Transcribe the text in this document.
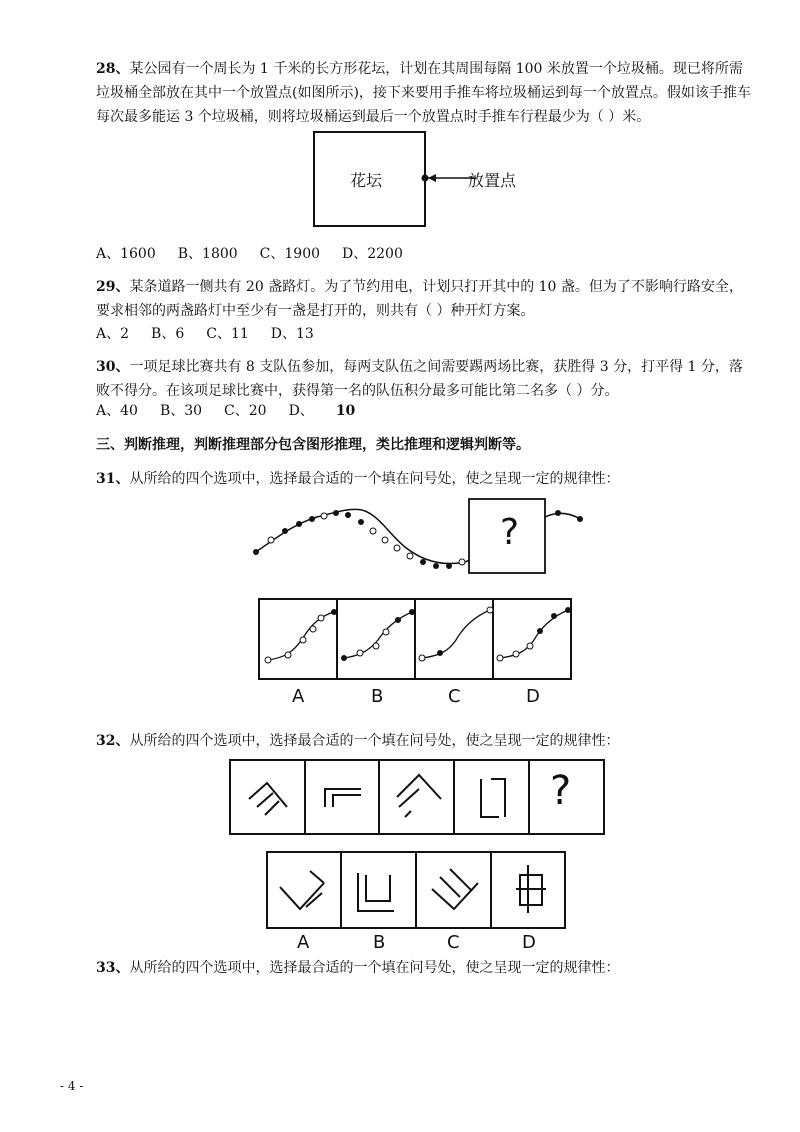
28、某公园有一个周长为 1 千米的长方形花坛，计划在其周围每隔 100 米放置一个垃圾桶。现已将所需
垃圾桶全部放在其中一个放置点(如图所示)，接下来要用手推车将垃圾桶运到每一个放置点。假如该手推车
每次最多能运 3 个垃圾桶，则将垃圾桶运到最后一个放置点时手推车行程最少为（ ）米。
花坛	放置点
A、1600 B、1800 C、1900 D、2200
29、某条道路一侧共有 20 盏路灯。为了节约用电，计划只打开其中的 10 盏。但为了不影响行路安全，
要求相邻的两盏路灯中至少有一盏是打开的，则共有（ ）种开灯方案。
A、2 B、6 C、11 D、13
30、一项足球比赛共有 8 支队伍参加，每两支队伍之间需要踢两场比赛，获胜得 3 分，打平得 1 分，落
败不得分。在该项足球比赛中，获得第一名的队伍积分最多可能比第二名多（ ）分。
A、40 B、30 C、20 D、 10
三、判断推理，判断推理部分包含图形推理，类比推理和逻辑判断等。
31、从所给的四个选项中，选择最合适的一个填在问号处，使之呈现一定的规律性：
?
A	B	C	D
32、从所给的四个选项中，选择最合适的一个填在问号处，使之呈现一定的规律性：
?
A	B	C	D
33、从所给的四个选项中，选择最合适的一个填在问号处，使之呈现一定的规律性：
- 4 -
